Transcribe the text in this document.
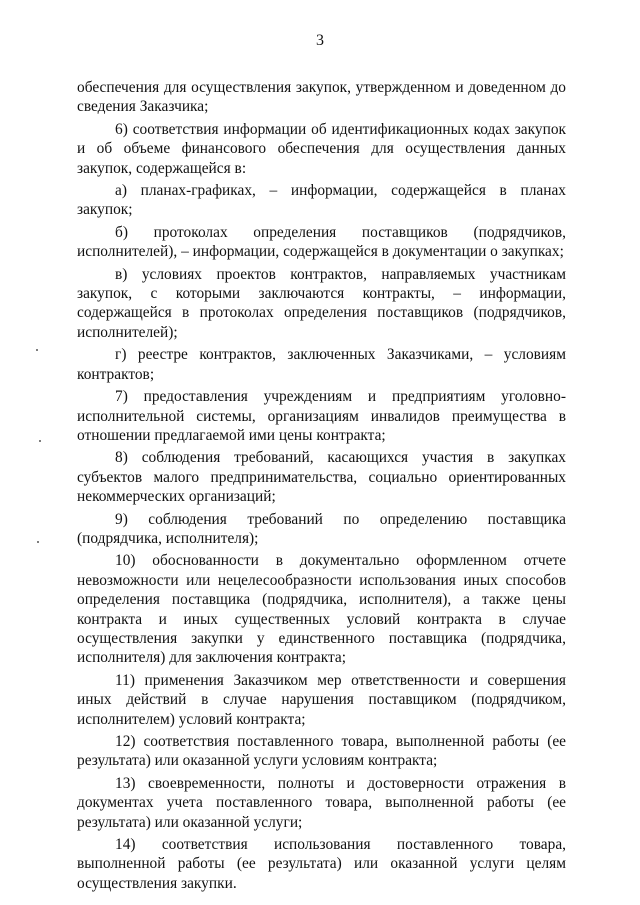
3

обеспечения для осуществления закупок, утвержденном и доведенном до сведения Заказчика;

6) соответствия информации об идентификационных кодах закупок и об объеме финансового обеспечения для осуществления данных закупок, содержащейся в:

а) планах-графиках, – информации, содержащейся в планах закупок;

б) протоколах определения поставщиков (подрядчиков, исполнителей), – информации, содержащейся в документации о закупках;

в) условиях проектов контрактов, направляемых участникам закупок, с которыми заключаются контракты, – информации, содержащейся в протоколах определения поставщиков (подрядчиков, исполнителей);

г) реестре контрактов, заключенных Заказчиками, – условиям контрактов;

7) предоставления учреждениям и предприятиям уголовно-исполнительной системы, организациям инвалидов преимущества в отношении предлагаемой ими цены контракта;

8) соблюдения требований, касающихся участия в закупках субъектов малого предпринимательства, социально ориентированных некоммерческих организаций;

9) соблюдения требований по определению поставщика (подрядчика, исполнителя);

10) обоснованности в документально оформленном отчете невозможности или нецелесообразности использования иных способов определения поставщика (подрядчика, исполнителя), а также цены контракта и иных существенных условий контракта в случае осуществления закупки у единственного поставщика (подрядчика, исполнителя) для заключения контракта;

11) применения Заказчиком мер ответственности и совершения иных действий в случае нарушения поставщиком (подрядчиком, исполнителем) условий контракта;

12) соответствия поставленного товара, выполненной работы (ее результата) или оказанной услуги условиям контракта;

13) своевременности, полноты и достоверности отражения в документах учета поставленного товара, выполненной работы (ее результата) или оказанной услуги;

14) соответствия использования поставленного товара, выполненной работы (ее результата) или оказанной услуги целям осуществления закупки.
